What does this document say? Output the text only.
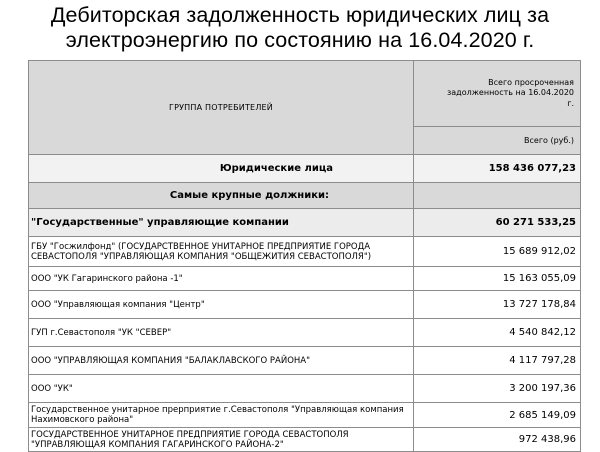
Дебиторская задолженность юридических лиц за
электроэнергию по состоянию на 16.04.2020 г.
ГРУППА ПОТРЕБИТЕЛЕЙ	Всего просроченная
задолженность на 16.04.2020
г.

	Всего (руб.)
Юридические лица	158 436 077,23
Самые крупные должники:	
"Государственные" управляющие компании	60 271 533,25

ГБУ "Госжилфонд" (ГОСУДАРСТВЕННОЕ УНИТАРНОЕ ПРЕДПРИЯТИЕ ГОРОДА
СЕВАСТОПОЛЯ "УПРАВЛЯЮЩАЯ КОМПАНИЯ "ОБЩЕЖИТИЯ СЕВАСТОПОЛЯ")	15 689 912,02
ООО "УК Гагаринского района -1"	15 163 055,09
ООО "Управляющая компания "Центр"	13 727 178,84
ГУП г.Севастополя "УК "СЕВЕР"	4 540 842,12
ООО "УПРАВЛЯЮЩАЯ КОМПАНИЯ "БАЛАКЛАВСКОГО РАЙОНА"	4 117 797,28
ООО "УК"	3 200 197,36

Государственное унитарное прерприятие г.Севастополя "Управляющая компания
Нахимовского района"	2 685 149,09

ГОСУДАРСТВЕННОЕ УНИТАРНОЕ ПРЕДПРИЯТИЕ ГОРОДА СЕВАСТОПОЛЯ
"УПРАВЛЯЮЩАЯ КОМПАНИЯ ГАГАРИНСКОГО РАЙОНА-2"	972 438,96
